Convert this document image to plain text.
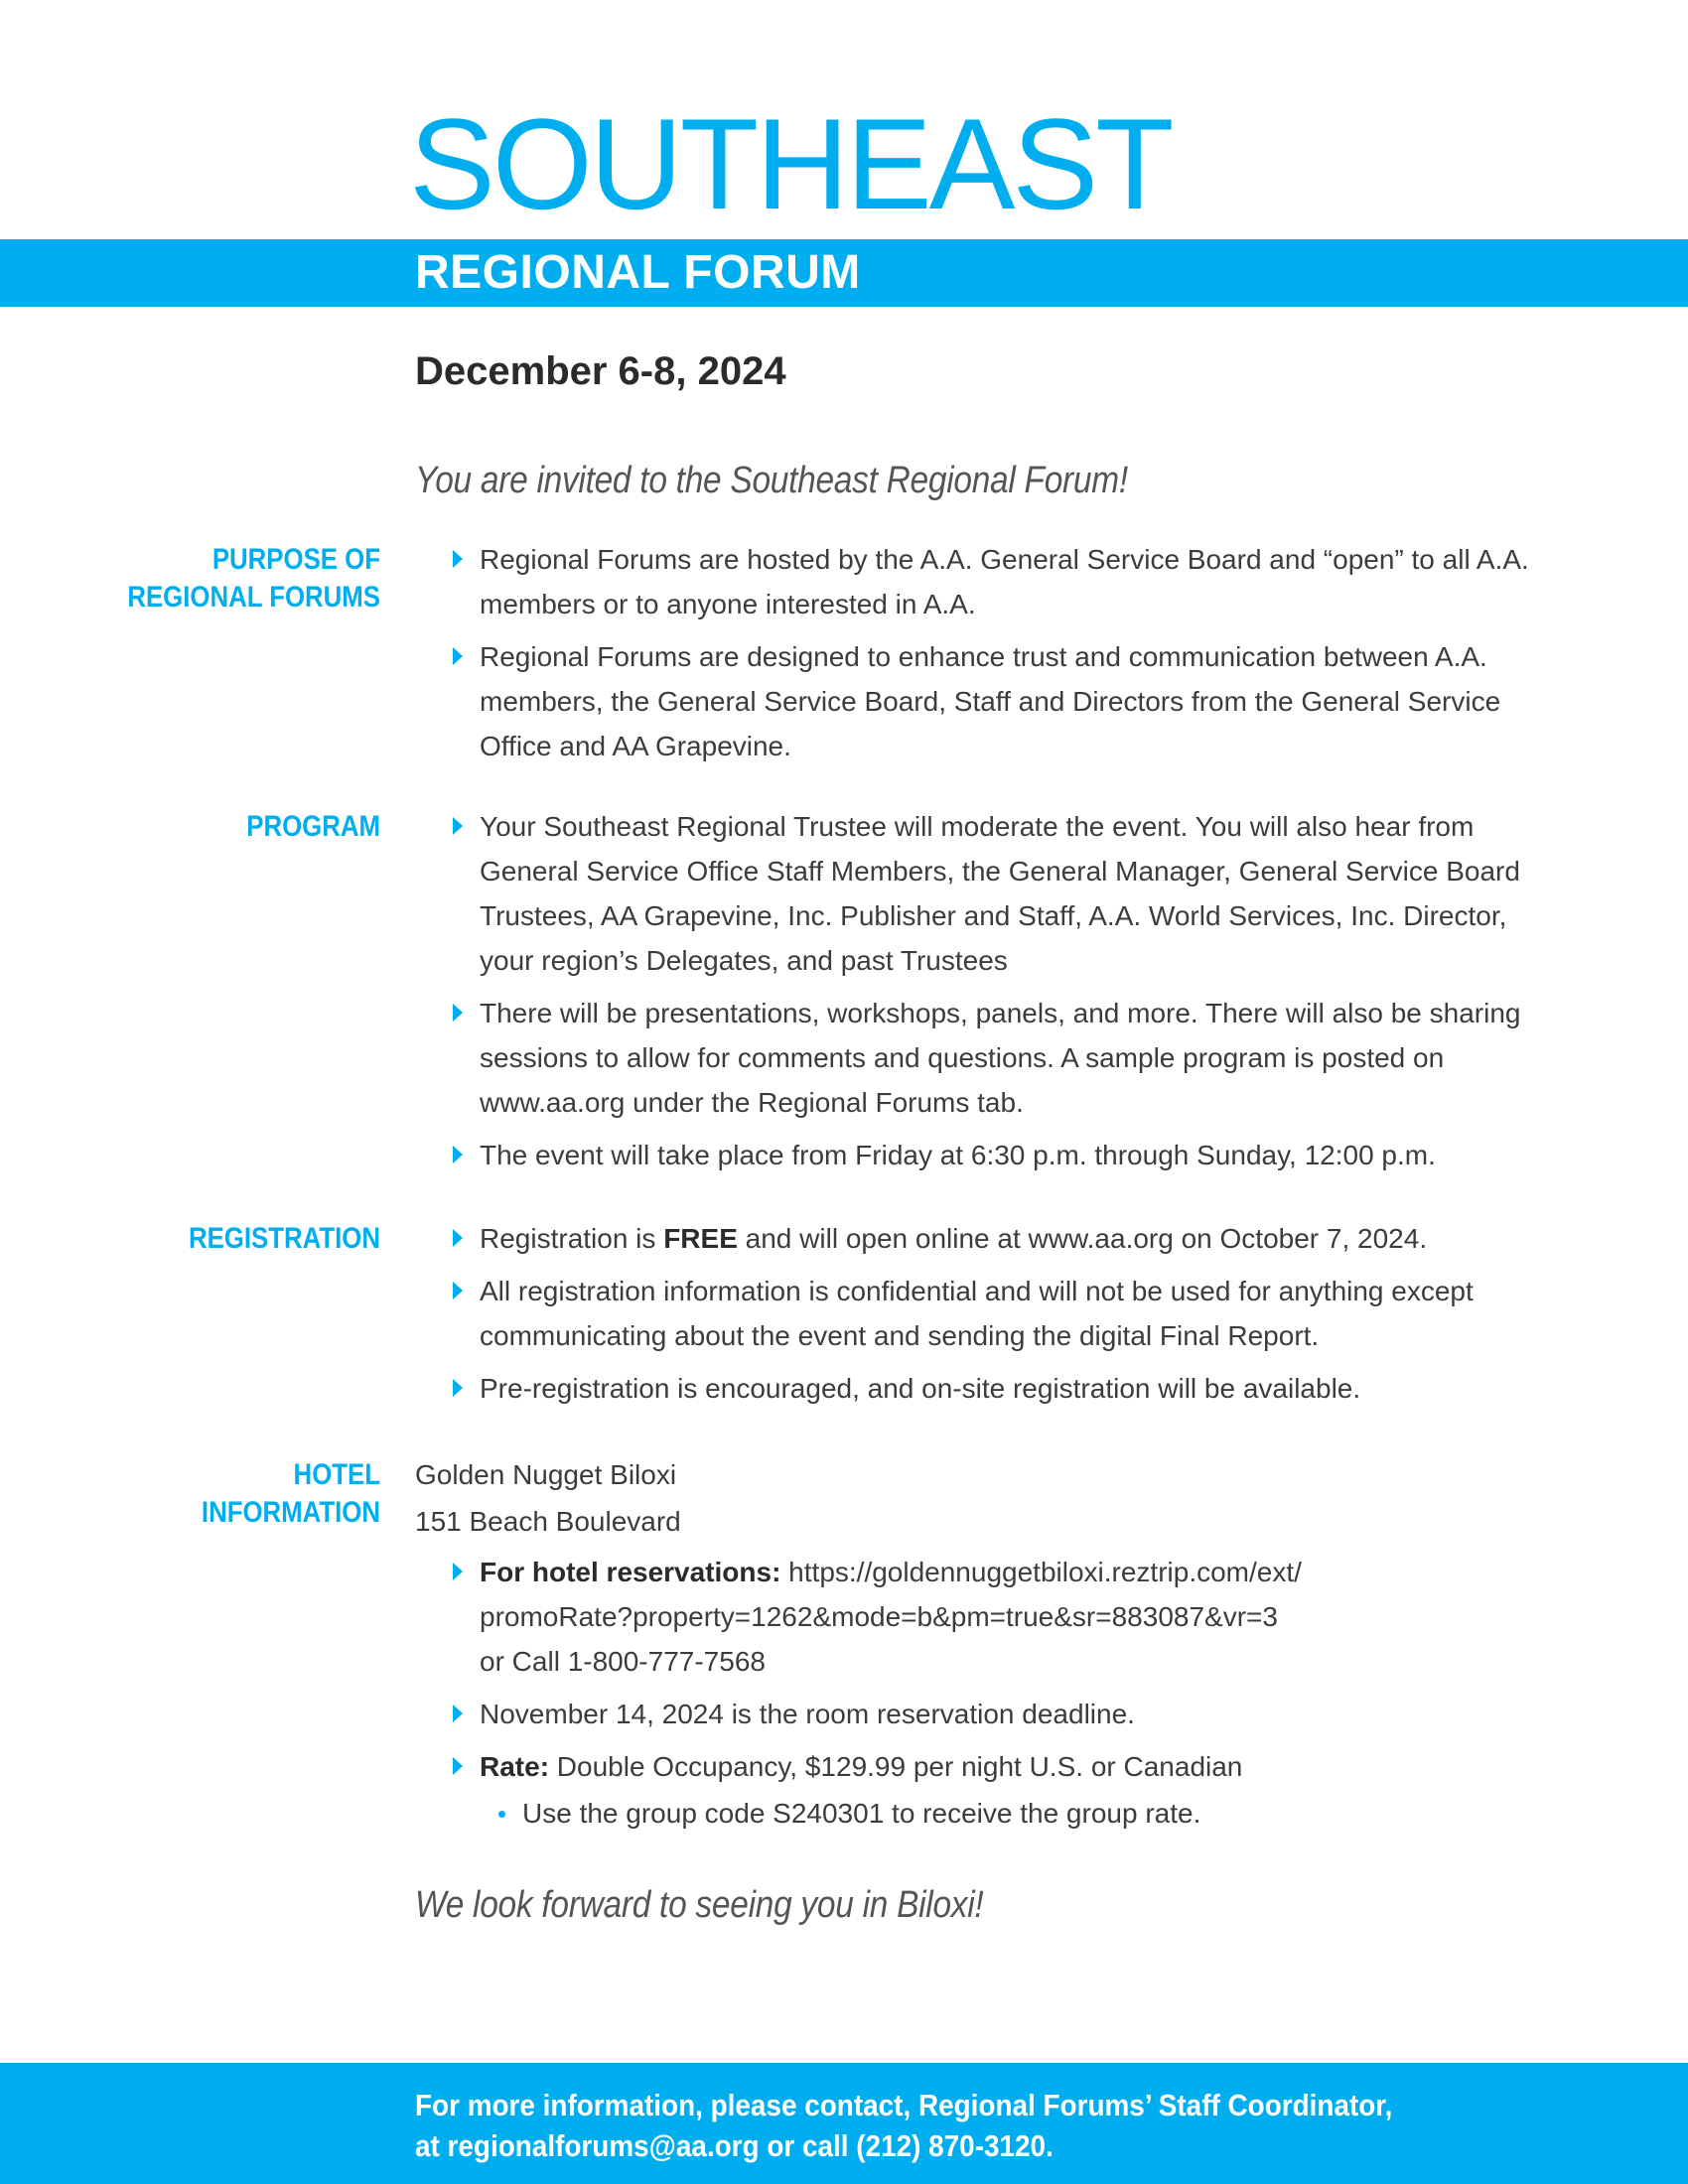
SOUTHEAST
REGIONAL FORUM

December 6-8, 2024

You are invited to the Southeast Regional Forum!

PURPOSE OF
REGIONAL FORUMS

Regional Forums are hosted by the A.A. General Service Board and “open” to all A.A. members or to anyone interested in A.A.
Regional Forums are designed to enhance trust and communication between A.A. members, the General Service Board, Staff and Directors from the General Service Office and AA Grapevine.

PROGRAM	Your Southeast Regional Trustee will moderate the event. You will also hear from General Service Office Staff Members, the General Manager, General Service Board Trustees, AA Grapevine, Inc. Publisher and Staff, A.A. World Services, Inc. Director, your region’s Delegates, and past Trustees
There will be presentations, workshops, panels, and more. There will also be sharing sessions to allow for comments and questions. A sample program is posted on www.aa.org under the Regional Forums tab.
The event will take place from Friday at 6:30 p.m. through Sunday, 12:00 p.m.

REGISTRATION	Registration is FREE and will open online at www.aa.org on October 7, 2024.
All registration information is confidential and will not be used for anything except communicating about the event and sending the digital Final Report.
Pre-registration is encouraged, and on-site registration will be available.

HOTEL
INFORMATION

Golden Nugget Biloxi

151 Beach Boulevard

For hotel reservations: https://goldennuggetbiloxi.reztrip.com/ext/
promoRate?property=1262&mode=b&pm=true&sr=883087&vr=3
or Call 1-800-777-7568
November 14, 2024 is the room reservation deadline.
Rate: Double Occupancy, $129.99 per night U.S. or Canadian
Use the group code S240301 to receive the group rate.

We look forward to seeing you in Biloxi!

For more information, please contact, Regional Forums’ Staff Coordinator,
at regionalforums@aa.org or call (212) 870-3120.
